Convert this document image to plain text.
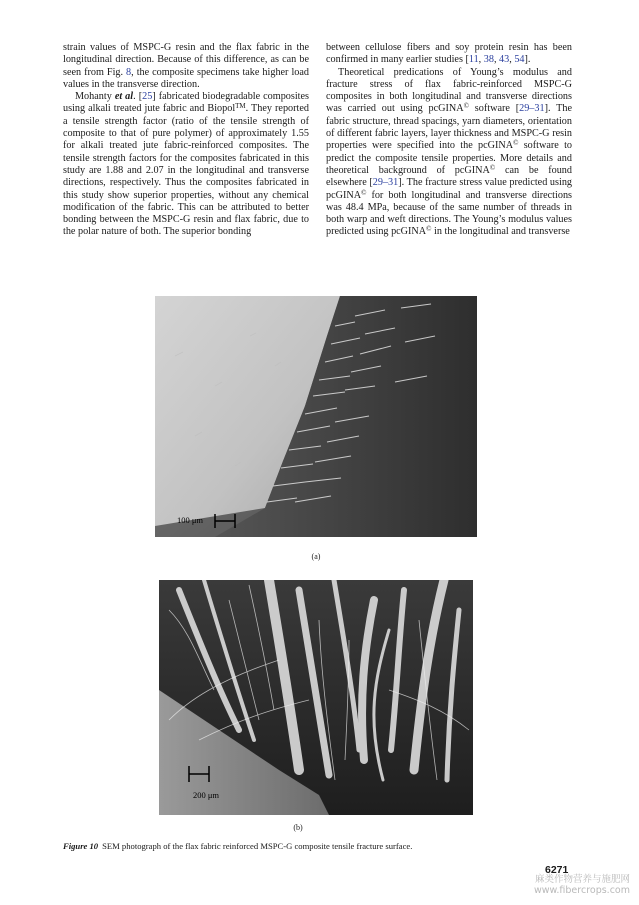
strain values of MSPC-G resin and the flax fabric in the longitudinal direction. Because of this difference, as can be seen from Fig. 8, the composite specimens take higher load values in the transverse direction.

Mohanty et al. [25] fabricated biodegradable composites using alkali treated jute fabric and Biopol™. They reported a tensile strength factor (ratio of the tensile strength of composite to that of pure polymer) of approximately 1.55 for alkali treated jute fabric-reinforced composites. The tensile strength factors for the composites fabricated in this study are 1.88 and 2.07 in the longitudinal and transverse directions, respectively. Thus the composites fabricated in this study show superior properties, without any chemical modification of the fabric. This can be attributed to better bonding between the MSPC-G resin and flax fabric, due to the polar nature of both. The superior bonding

between cellulose fibers and soy protein resin has been confirmed in many earlier studies [11, 38, 43, 54].

Theoretical predications of Young’s modulus and fracture stress of flax fabric-reinforced MSPC-G composites in both longitudinal and transverse directions was carried out using pcGINA© software [29–31]. The fabric structure, thread spacings, yarn diameters, orientation of different fabric layers, layer thickness and MSPC-G resin properties were specified into the pcGINA© software to predict the composite tensile properties. More details and theoretical background of pcGINA© can be found elsewhere [29–31]. The fracture stress value predicted using pcGINA© for both longitudinal and transverse directions was 48.4 MPa, because of the same number of threads in both warp and weft directions. The Young’s modulus values predicted using pcGINA© in the longitudinal and transverse

100 μm
(a)
200 μm
(b)
Figure 10 SEM photograph of the flax fabric reinforced MSPC-G composite tensile fracture surface.
6271
麻类作物营养与施肥网
www.fibercrops.com
